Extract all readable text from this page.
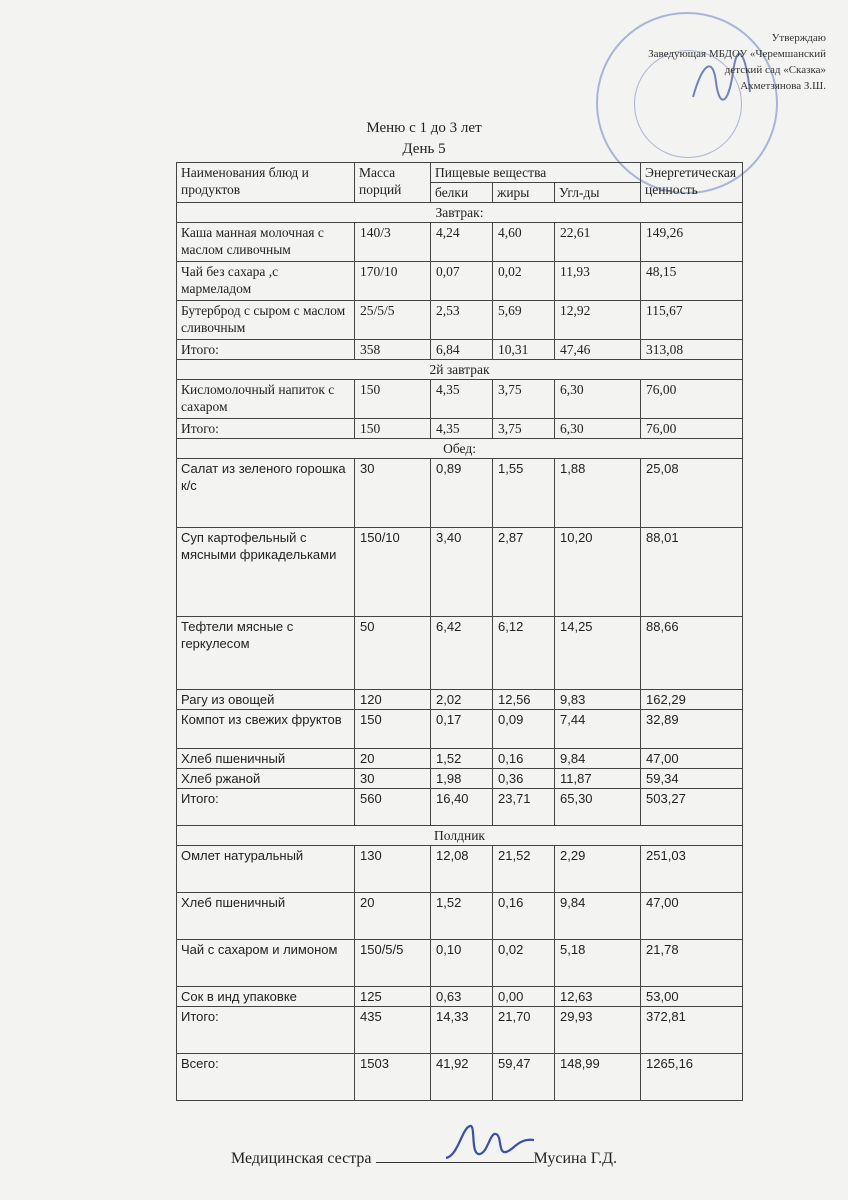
Утверждаю
Заведующая МБДОУ «Черемшанский
детский сад «Сказка»
Ахметзянова З.Ш.
Меню с 1 до 3 лет
День 5
Наименования блюд и продуктов	Масса порций	Пищевые вещества			Энергетическая ценность
		белки	жиры	Угл-ды	
Завтрак:					
Каша манная молочная с маслом сливочным	140/3	4,24	4,60	22,61	149,26
Чай без сахара ,с мармеладом	170/10	0,07	0,02	11,93	48,15
Бутерброд с сыром с маслом сливочным	25/5/5	2,53	5,69	12,92	115,67
Итого:	358	6,84	10,31	47,46	313,08
2й завтрак					
Кисломолочный напиток с сахаром	150	4,35	3,75	6,30	76,00
Итого:	150	4,35	3,75	6,30	76,00
Обед:					
Салат из зеленого горошка к/с	30	0,89	1,55	1,88	25,08
Суп картофельный с мясными фрикадельками	150/10	3,40	2,87	10,20	88,01
Тефтели мясные с геркулесом	50	6,42	6,12	14,25	88,66
Рагу из овощей	120	2,02	12,56	9,83	162,29
Компот из свежих фруктов	150	0,17	0,09	7,44	32,89
Хлеб пшеничный	20	1,52	0,16	9,84	47,00
Хлеб ржаной	30	1,98	0,36	11,87	59,34
Итого:	560	16,40	23,71	65,30	503,27
Полдник					
Омлет натуральный	130	12,08	21,52	2,29	251,03
Хлеб пшеничный	20	1,52	0,16	9,84	47,00
Чай с сахаром и лимоном	150/5/5	0,10	0,02	5,18	21,78
Сок в инд упаковке	125	0,63	0,00	12,63	53,00
Итого:	435	14,33	21,70	29,93	372,81
Всего:	1503	41,92	59,47	148,99	1265,16
Медицинская сестра	Мусина Г.Д.
